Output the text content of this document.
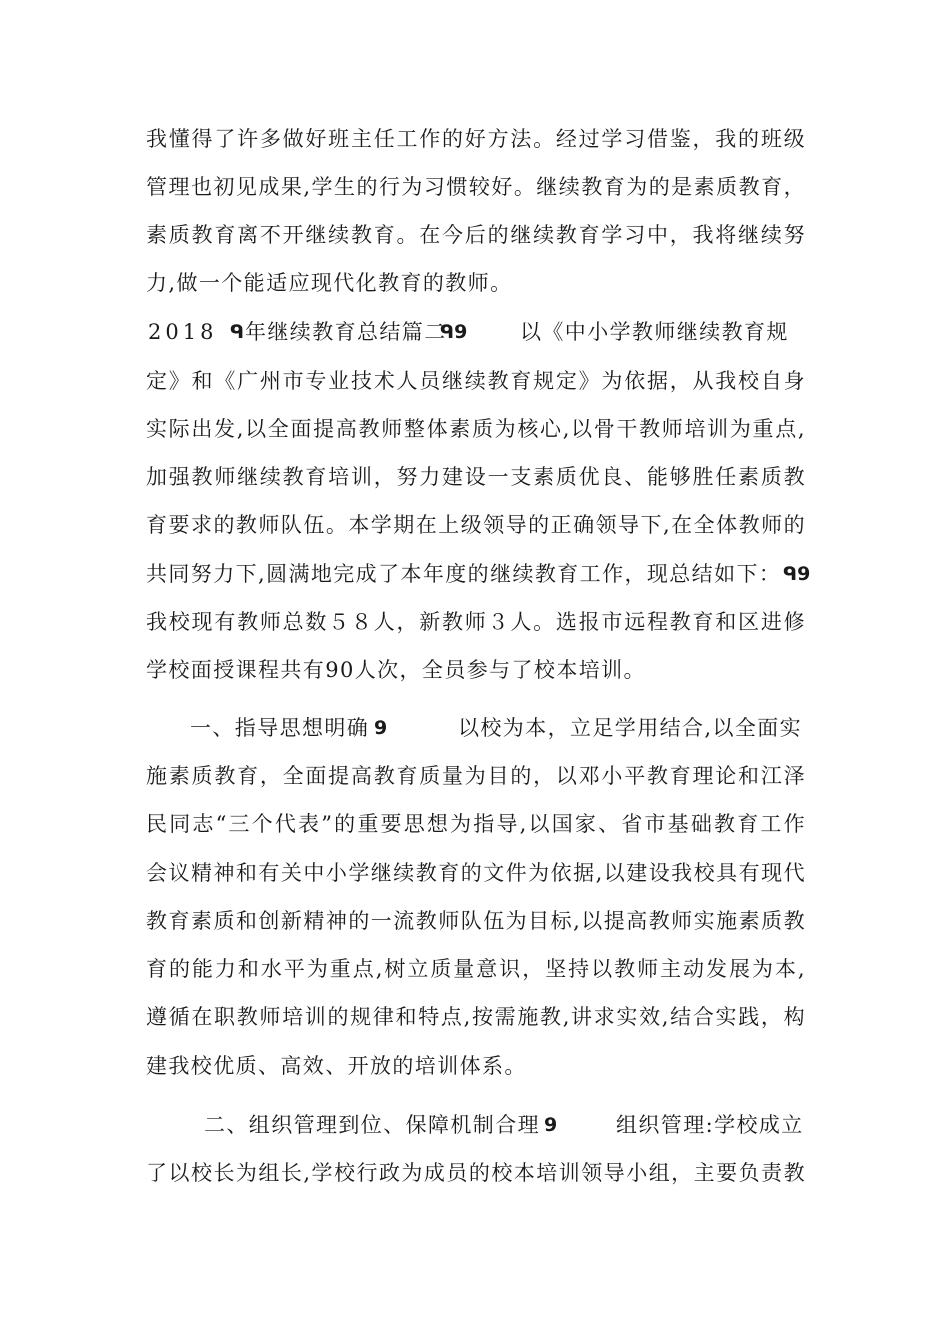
我懂得了许多做好班主任工作的好方法。经过学习借鉴，我的班级
管理也初见成果,学生的行为习惯较好。继续教育为的是素质教育，
素质教育离不开继续教育。在今后的继续教育学习中，我将继续努
力,做一个能适应现代化教育的教师。
2018 ᑫ 年继续教育总结篇二
ᑫ9	以《中小学教师继续教育规
定》和《广州市专业技术人员继续教育规定》为依据，从我校自身
实际出发,以全面提高教师整体素质为核心,以骨干教师培训为重点,
加强教师继续教育培训，努力建设一支素质优良、能够胜任素质教
育要求的教师队伍。本学期在上级领导的正确领导下,在全体教师的
共同努力下,圆满地完成了本年度的继续教育工作，现总结如下： ᑫ9
我校现有教师总数５８人，新教师３人。选报市远程教育和区进修
学校面授课程共有90人次，全员参与了校本培训。
一、指导思想明确 9	以校为本，立足学用结合,以全面实
施素质教育，全面提高教育质量为目的，以邓小平教育理论和江泽
民同志“三个代表”的重要思想为指导,以国家、省市基础教育工作
会议精神和有关中小学继续教育的文件为依据,以建设我校具有现代
教育素质和创新精神的一流教师队伍为目标,以提高教师实施素质教
育的能力和水平为重点,树立质量意识，坚持以教师主动发展为本,
遵循在职教师培训的规律和特点,按需施教,讲求实效,结合实践，构
建我校优质、高效、开放的培训体系。
二、组织管理到位、保障机制合理 9	组织管理:学校成立
了以校长为组长,学校行政为成员的校本培训领导小组，主要负责教
